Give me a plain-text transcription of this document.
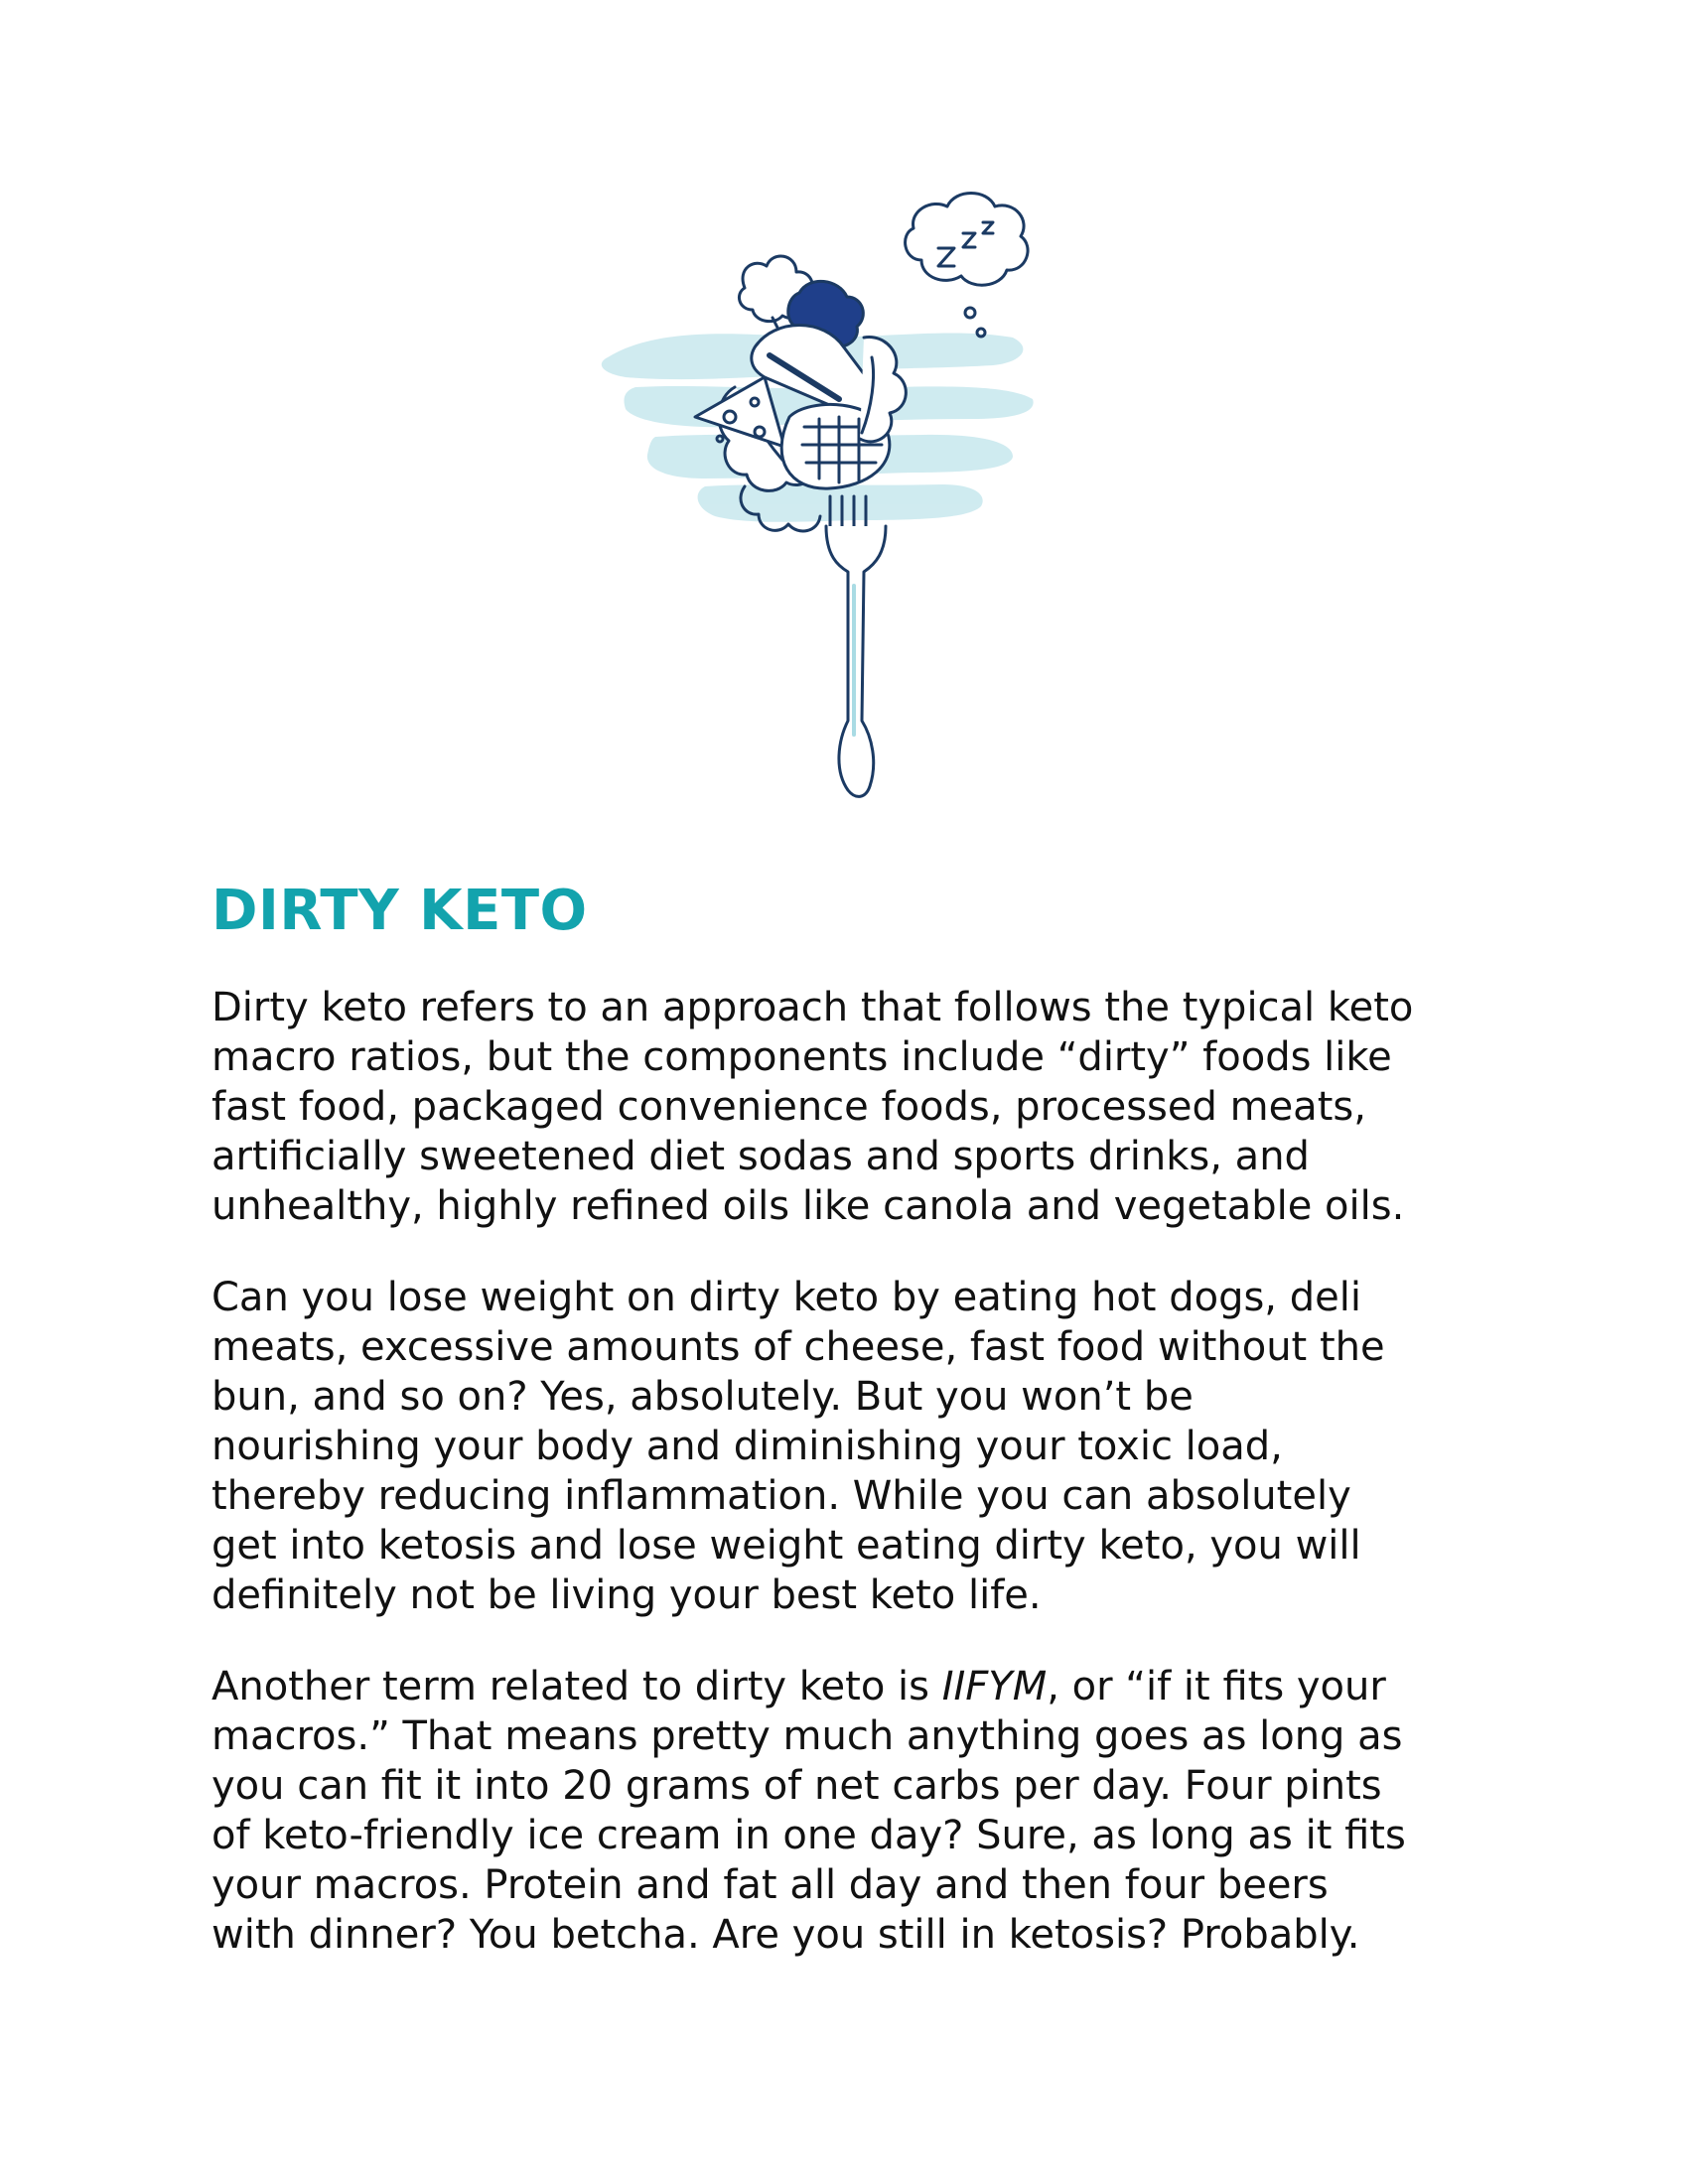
DIRTY KETO

Dirty keto refers to an approach that follows the typical keto
macro ratios, but the components include “dirty” foods like
fast food, packaged convenience foods, processed meats,
artificially sweetened diet sodas and sports drinks, and
unhealthy, highly refined oils like canola and vegetable oils.

Can you lose weight on dirty keto by eating hot dogs, deli
meats, excessive amounts of cheese, fast food without the
bun, and so on? Yes, absolutely. But you won’t be
nourishing your body and diminishing your toxic load,
thereby reducing inflammation. While you can absolutely
get into ketosis and lose weight eating dirty keto, you will
definitely not be living your best keto life.

Another term related to dirty keto is IIFYM, or “if it fits your
macros.” That means pretty much anything goes as long as
you can fit it into 20 grams of net carbs per day. Four pints
of keto-friendly ice cream in one day? Sure, as long as it fits
your macros. Protein and fat all day and then four beers
with dinner? You betcha. Are you still in ketosis? Probably.
